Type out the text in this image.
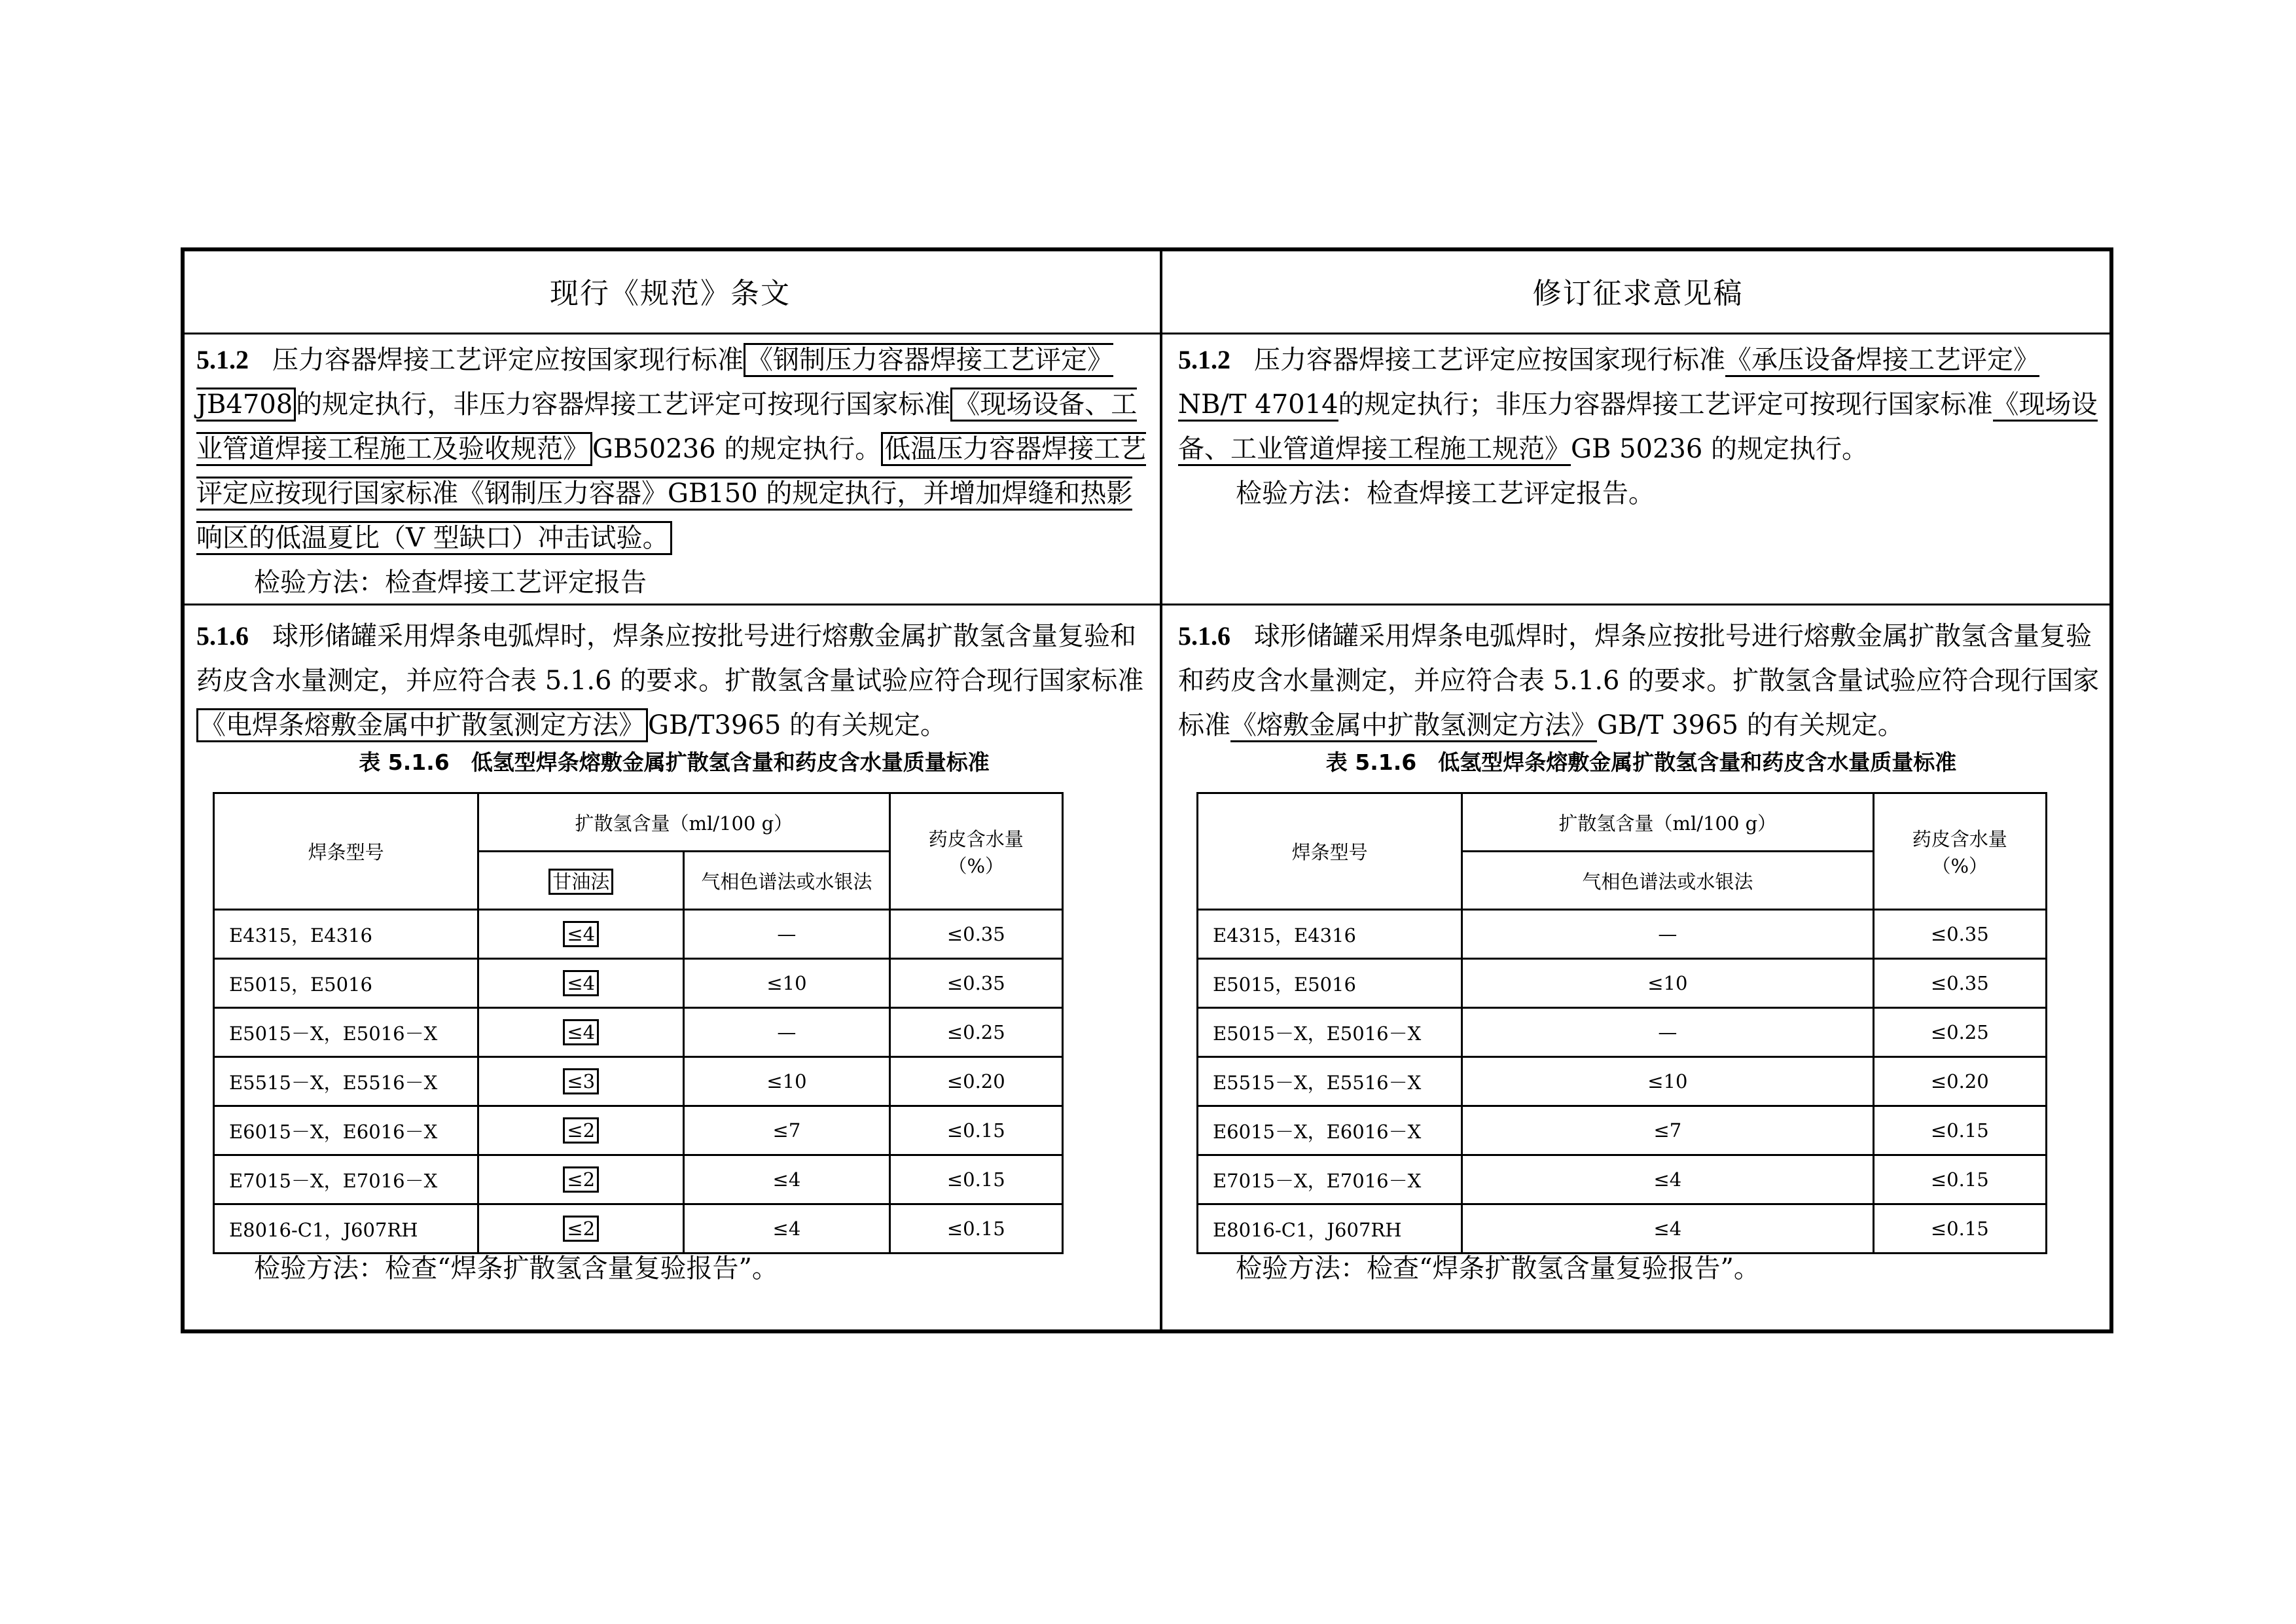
现行《规范》条文	修订征求意见稿

5.1.2 压力容器焊接工艺评定应按国家现行标准 《钢制压力容器焊接工艺评定》JB4708 的规定执行，非压力容器焊接工艺评定可按现行国家标准 《现场设备、工业管道焊接工程施工及验收规范》 GB50236 的规定执行。 低温压力容器焊接工艺评定应按现行国家标准《钢制压力容器》GB150 的规定执行，并增加焊缝和热影响区的低温夏比（V 型缺口）冲击试验。

检验方法：检查焊接工艺评定报告

5.1.2 压力容器焊接工艺评定应按国家现行标准《承压设备焊接工艺评定》NB/T 47014的规定执行；非压力容器焊接工艺评定可按现行国家标准《现场设备、工业管道焊接工程施工规范》GB 50236 的规定执行。

检验方法：检查焊接工艺评定报告。

5.1.6 球形储罐采用焊条电弧焊时，焊条应按批号进行熔敷金属扩散氢含量复验和药皮含水量测定，并应符合表 5.1.6 的要求。扩散氢含量试验应符合现行国家标准《电焊条熔敷金属中扩散氢测定方法》 GB/T3965 的有关规定。

表 5.1.6　低氢型焊条熔敷金属扩散氢含量和药皮含水量质量标准

焊条型号	扩散氢含量（ml/100 g）		药皮含水量
（%）

	甘油法	气相色谱法或水银法	
E4315，E4316	≤4	—	≤0.35
E5015，E5016	≤4	≤10	≤0.35
E5015－X，E5016－X	≤4	—	≤0.25
E5515－X，E5516－X	≤3	≤10	≤0.20
E6015－X，E6016－X	≤2	≤7	≤0.15
E7015－X，E7016－X	≤2	≤4	≤0.15
E8016-C1，J607RH	≤2	≤4	≤0.15

检验方法：检查“焊条扩散氢含量复验报告”。

5.1.6 球形储罐采用焊条电弧焊时，焊条应按批号进行熔敷金属扩散氢含量复验和药皮含水量测定，并应符合表 5.1.6 的要求。扩散氢含量试验应符合现行国家标准《熔敷金属中扩散氢测定方法》GB/T 3965 的有关规定。

表 5.1.6　低氢型焊条熔敷金属扩散氢含量和药皮含水量质量标准

焊条型号	扩散氢含量（ml/100 g）	药皮含水量
（%）

	气相色谱法或水银法	
E4315，E4316	—	≤0.35
E5015，E5016	≤10	≤0.35
E5015－X，E5016－X	—	≤0.25
E5515－X，E5516－X	≤10	≤0.20
E6015－X，E6016－X	≤7	≤0.15
E7015－X，E7016－X	≤4	≤0.15
E8016-C1，J607RH	≤4	≤0.15

检验方法：检查“焊条扩散氢含量复验报告”。
